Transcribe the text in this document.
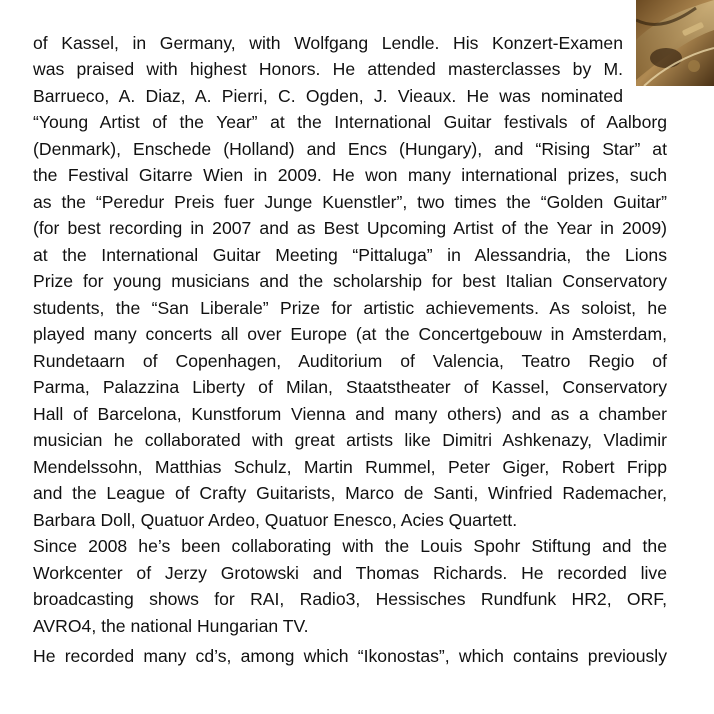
of Kassel, in Germany, with Wolfgang Lendle. His Konzert-Examen
was praised with highest Honors. He attended masterclasses by M.
Barrueco, A. Diaz, A. Pierri, C. Ogden, J. Vieaux. He was nominated
“Young Artist of the Year” at the International Guitar festivals of Aalborg
(Denmark), Enschede (Holland) and Encs (Hungary), and “Rising Star” at
the Festival Gitarre Wien in 2009. He won many international prizes, such
as the “Peredur Preis fuer Junge Kuenstler”, two times the “Golden Guitar”
(for best recording in 2007 and as Best Upcoming Artist of the Year in 2009)
at the International Guitar Meeting “Pittaluga” in Alessandria, the Lions
Prize for young musicians and the scholarship for best Italian Conservatory
students, the “San Liberale” Prize for artistic achievements. As soloist, he
played many concerts all over Europe (at the Concertgebouw in Amsterdam,
Rundetaarn of Copenhagen, Auditorium of Valencia, Teatro Regio of
Parma, Palazzina Liberty of Milan, Staatstheater of Kassel, Conservatory
Hall of Barcelona, Kunstforum Vienna and many others) and as a chamber
musician he collaborated with great artists like Dimitri Ashkenazy, Vladimir
Mendelssohn, Matthias Schulz, Martin Rummel, Peter Giger, Robert Fripp
and the League of Crafty Guitarists, Marco de Santi, Winfried Rademacher,
Barbara Doll, Quatuor Ardeo, Quatuor Enesco, Acies Quartett.
Since 2008 he’s been collaborating with the Louis Spohr Stiftung and the
Workcenter of Jerzy Grotowski and Thomas Richards. He recorded live
broadcasting shows for RAI, Radio3, Hessisches Rundfunk HR2, ORF,
AVRO4, the national Hungarian TV.
He recorded many cd’s, among which “Ikonostas”, which contains previously
